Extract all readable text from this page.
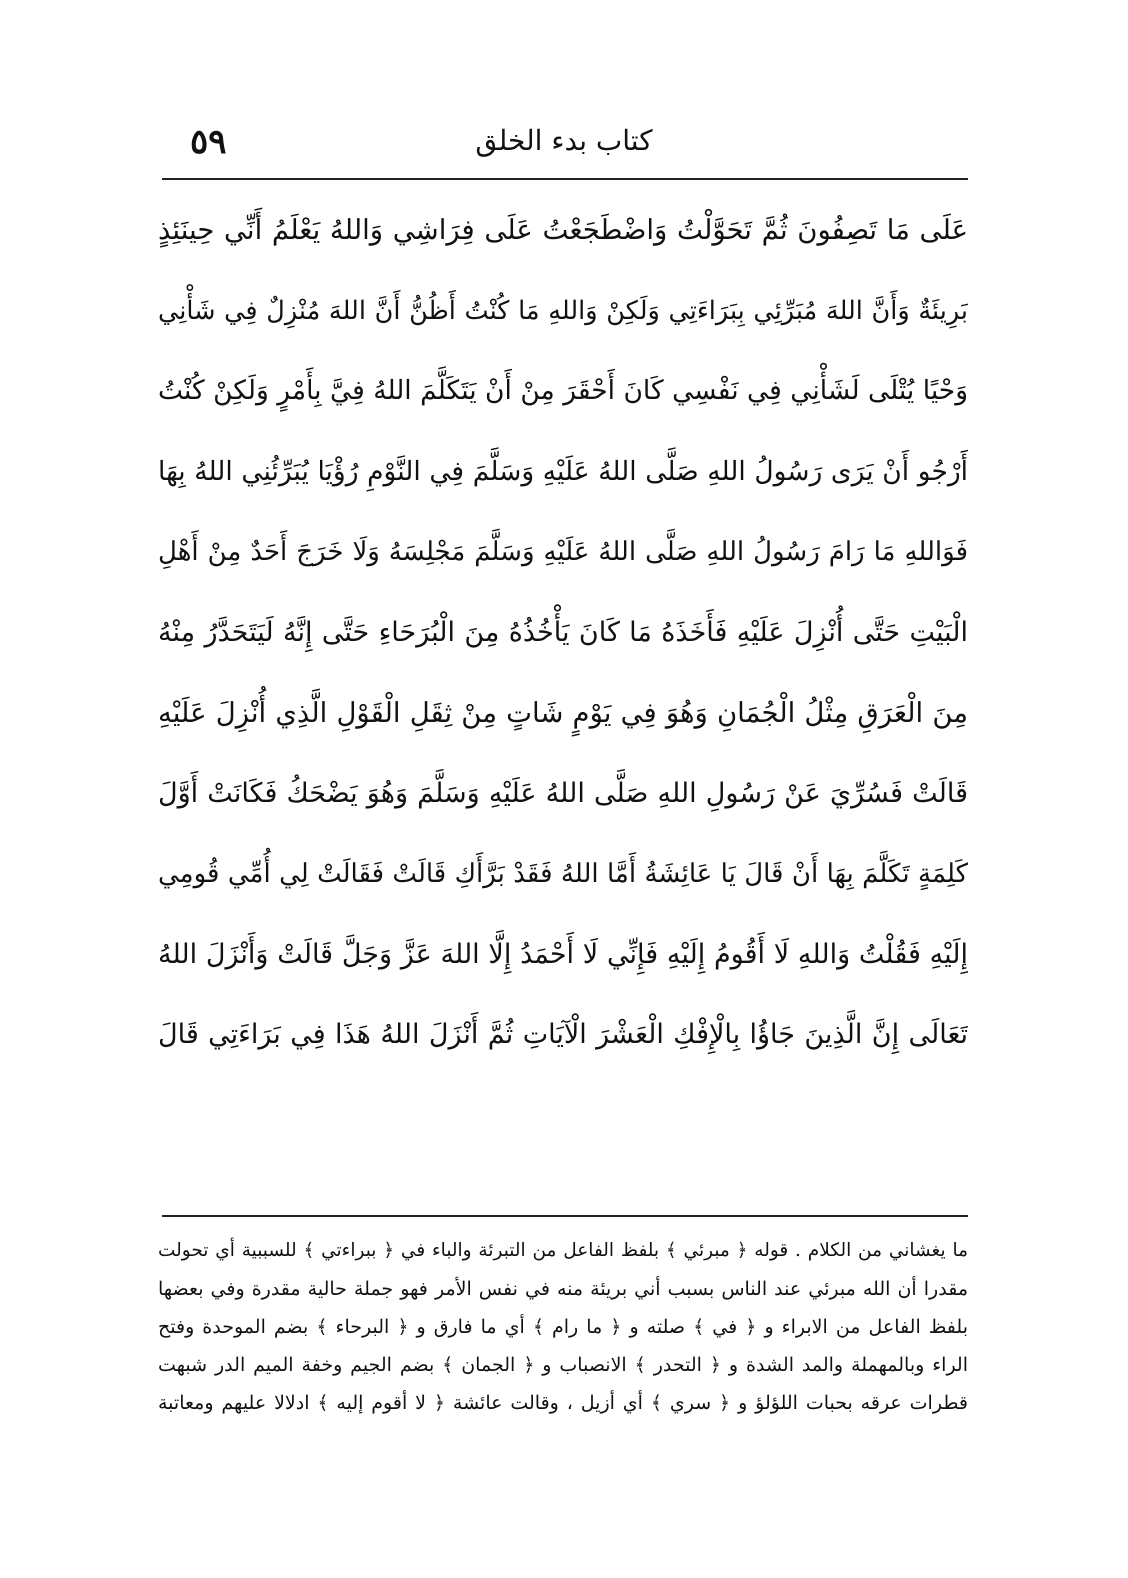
٥٩	كتاب بدء الخلق
عَلَى مَا تَصِفُونَ ثُمَّ تَحَوَّلْتُ وَاضْطَجَعْتُ عَلَى فِرَاشِي وَاللهُ يَعْلَمُ أَنِّي حِينَئِذٍ
بَرِيئَةٌ وَأَنَّ اللهَ مُبَرِّئِي بِبَرَاءَتِي وَلَكِنْ وَاللهِ مَا كُنْتُ أَظُنُّ أَنَّ اللهَ مُنْزِلٌ فِي شَأْنِي
وَحْيًا يُتْلَى لَشَأْنِي فِي نَفْسِي كَانَ أَحْقَرَ مِنْ أَنْ يَتَكَلَّمَ اللهُ فِيَّ بِأَمْرٍ وَلَكِنْ كُنْتُ
أَرْجُو أَنْ يَرَى رَسُولُ اللهِ صَلَّى اللهُ عَلَيْهِ وَسَلَّمَ فِي النَّوْمِ رُؤْيَا يُبَرِّئُنِي اللهُ بِهَا
فَوَاللهِ مَا رَامَ رَسُولُ اللهِ صَلَّى اللهُ عَلَيْهِ وَسَلَّمَ مَجْلِسَهُ وَلَا خَرَجَ أَحَدٌ مِنْ أَهْلِ
الْبَيْتِ حَتَّى أُنْزِلَ عَلَيْهِ فَأَخَذَهُ مَا كَانَ يَأْخُذُهُ مِنَ الْبُرَحَاءِ حَتَّى إِنَّهُ لَيَتَحَدَّرُ مِنْهُ
مِنَ الْعَرَقِ مِثْلُ الْجُمَانِ وَهُوَ فِي يَوْمٍ شَاتٍ مِنْ ثِقَلِ الْقَوْلِ الَّذِي أُنْزِلَ عَلَيْهِ
قَالَتْ فَسُرِّيَ عَنْ رَسُولِ اللهِ صَلَّى اللهُ عَلَيْهِ وَسَلَّمَ وَهُوَ يَضْحَكُ فَكَانَتْ أَوَّلَ
كَلِمَةٍ تَكَلَّمَ بِهَا أَنْ قَالَ يَا عَائِشَةُ أَمَّا اللهُ فَقَدْ بَرَّأَكِ قَالَتْ فَقَالَتْ لِي أُمِّي قُومِي
إِلَيْهِ فَقُلْتُ وَاللهِ لَا أَقُومُ إِلَيْهِ فَإِنِّي لَا أَحْمَدُ إِلَّا اللهَ عَزَّ وَجَلَّ قَالَتْ وَأَنْزَلَ اللهُ
تَعَالَى إِنَّ الَّذِينَ جَاؤُا بِالْإِفْكِ الْعَشْرَ الْآيَاتِ ثُمَّ أَنْزَلَ اللهُ هَذَا فِي بَرَاءَتِي قَالَ
ما يغشاني من الكلام . قوله ﴿ مبرئي ﴾ بلفظ الفاعل من التبرئة والباء في ﴿ ببراءتي ﴾ للسببية أي تحولت
مقدرا أن الله مبرئي عند الناس بسبب أني بريئة منه في نفس الأمر فهو جملة حالية مقدرة وفي بعضها
بلفظ الفاعل من الابراء و ﴿ في ﴾ صلته و ﴿ ما رام ﴾ أي ما فارق و ﴿ البرحاء ﴾ بضم الموحدة وفتح
الراء وبالمهملة والمد الشدة و ﴿ التحدر ﴾ الانصباب و ﴿ الجمان ﴾ بضم الجيم وخفة الميم الدر شبهت
قطرات عرقه بحبات اللؤلؤ و ﴿ سري ﴾ أي أزيل ، وقالت عائشة ﴿ لا أقوم إليه ﴾ ادلالا عليهم ومعاتبة
